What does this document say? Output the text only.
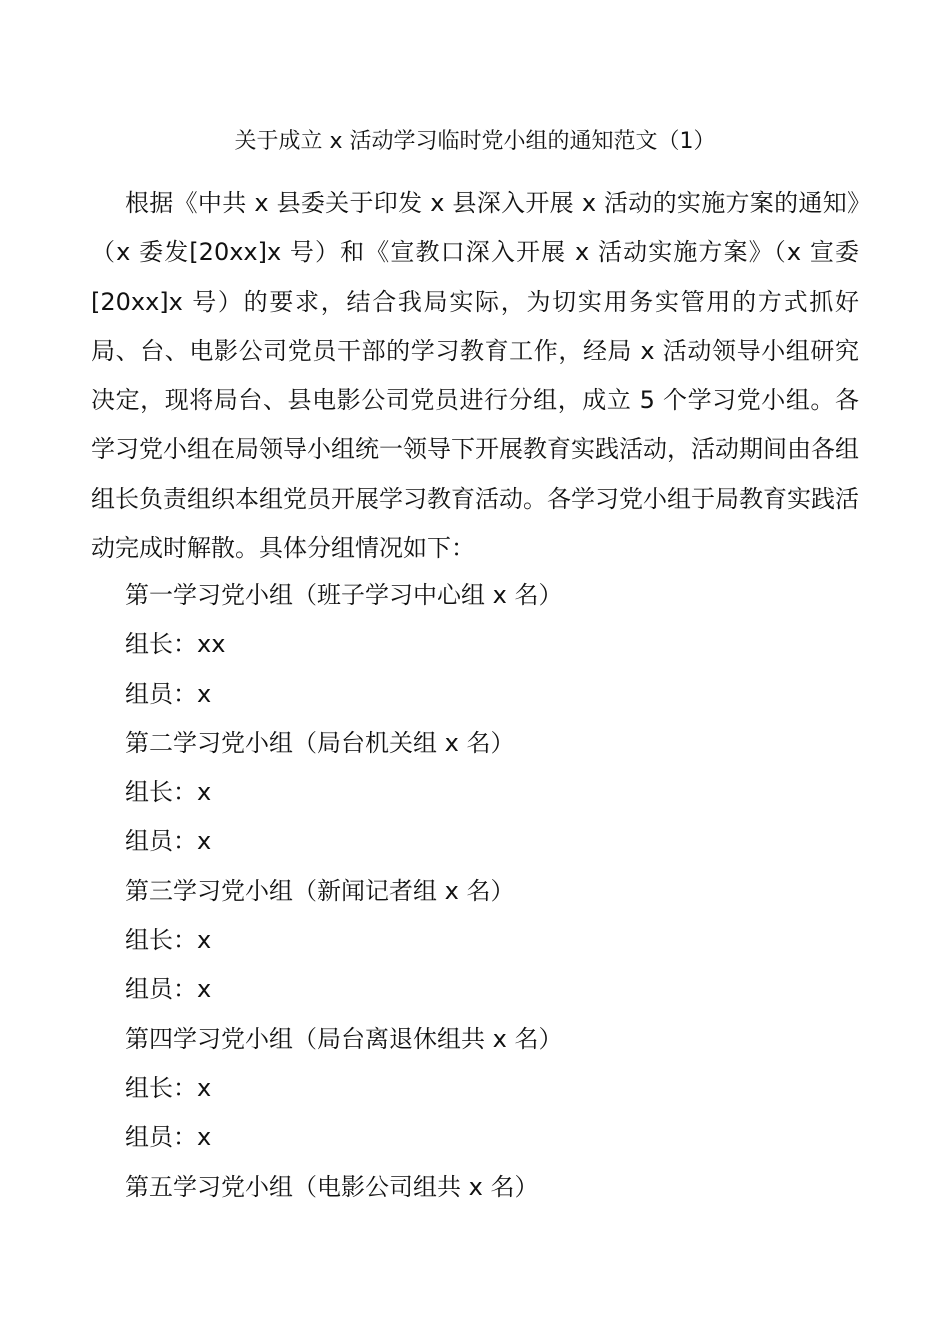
关于成立 x 活动学习临时党小组的通知范文（1）

根据《中共 x 县委关于印发 x 县深入开展 x 活动的实施方案的通知》（x 委发[20xx]x 号）和《宣教口深入开展 x 活动实施方案》（x 宣委[20xx]x 号）的要求，结合我局实际，为切实用务实管用的方式抓好局、台、电影公司党员干部的学习教育工作，经局 x 活动领导小组研究决定，现将局台、县电影公司党员进行分组，成立 5 个学习党小组。各学习党小组在局领导小组统一领导下开展教育实践活动，活动期间由各组组长负责组织本组党员开展学习教育活动。各学习党小组于局教育实践活动完成时解散。具体分组情况如下：

第一学习党小组（班子学习中心组 x 名）
组长：xx
组员：x
第二学习党小组（局台机关组 x 名）
组长：x
组员：x
第三学习党小组（新闻记者组 x 名）
组长：x
组员：x
第四学习党小组（局台离退休组共 x 名）
组长：x
组员：x
第五学习党小组（电影公司组共 x 名）
